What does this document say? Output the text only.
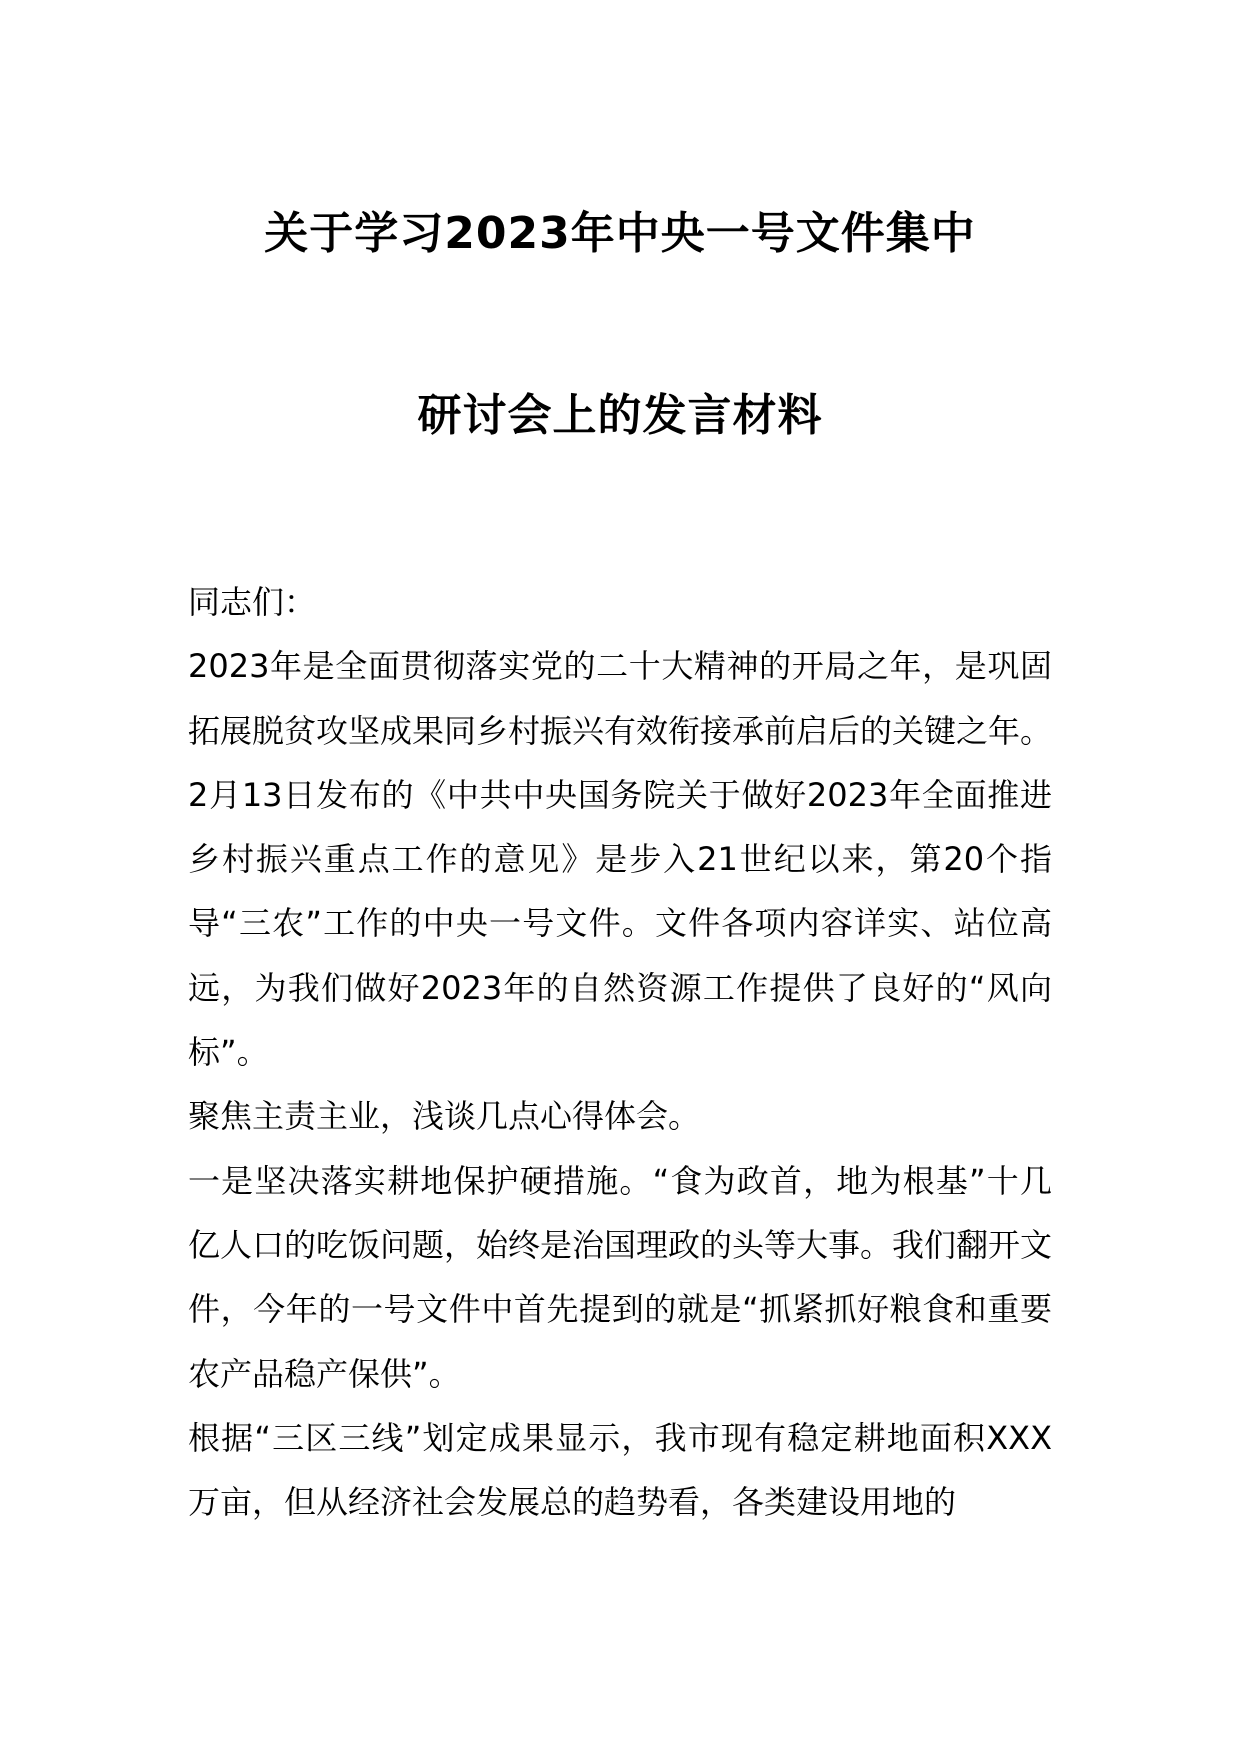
关于学习2023年中央一号文件集中
研讨会上的发言材料

同志们：

2023年是全面贯彻落实党的二十大精神的开局之年，是巩固拓展脱贫攻坚成果同乡村振兴有效衔接承前启后的关键之年。2月13日发布的《中共中央国务院关于做好2023年全面推进乡村振兴重点工作的意见》是步入21世纪以来，第20个指导“三农”工作的中央一号文件。文件各项内容详实、站位高远，为我们做好2023年的自然资源工作提供了良好的“风向标”。

聚焦主责主业，浅谈几点心得体会。

一是坚决落实耕地保护硬措施。“食为政首，地为根基”十几亿人口的吃饭问题，始终是治国理政的头等大事。我们翻开文件，今年的一号文件中首先提到的就是“抓紧抓好粮食和重要农产品稳产保供”。

根据“三区三线”划定成果显示，我市现有稳定耕地面积XXX万亩，但从经济社会发展总的趋势看，各类建设用地的
